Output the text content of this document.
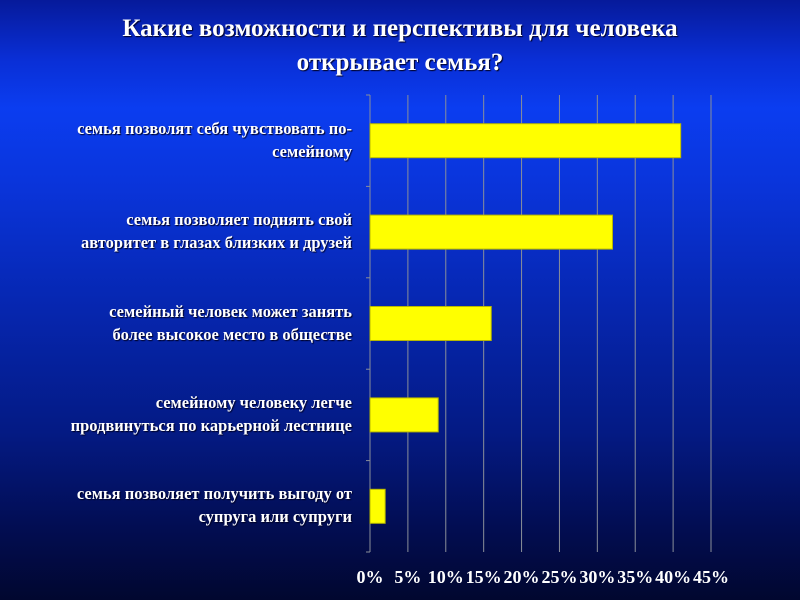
Какие возможности и перспективы для человека
открывает семья?
0% 5% 10% 15% 20% 25% 30% 35% 40% 45%
семья позволят себя чувствовать по-
семейному
семья позволяет поднять свой
авторитет в глазах близких и друзей
семейный человек может занять
более высокое место в обществе
семейному человеку легче
продвинуться по карьерной лестнице
семья позволяет получить выгоду от
супруга или супруги
